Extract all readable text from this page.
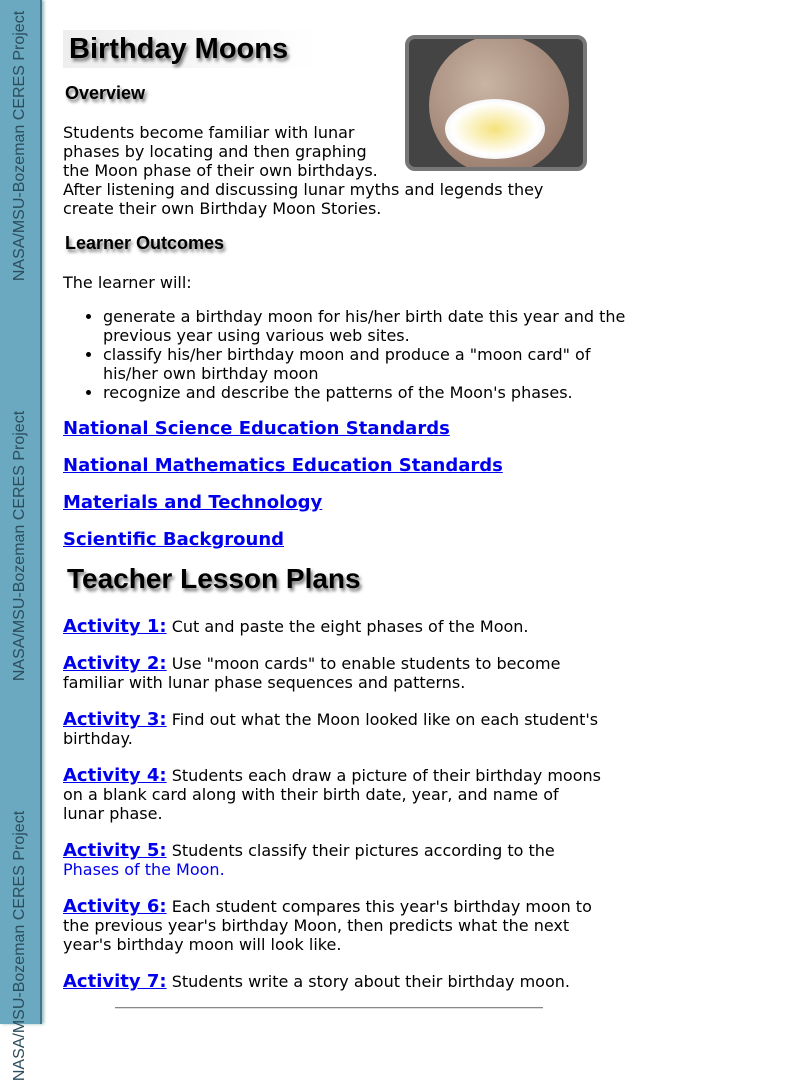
NASA/MSU-Bozeman CERES Project
NASA/MSU-Bozeman CERES Project
NASA/MSU-Bozeman CERES Project
Birthday Moons
Overview
Students become familiar with lunar phases by locating and then graphing the Moon phase of their own birthdays. After listening and discussing lunar myths and legends they create their own Birthday Moon Stories.
Learner Outcomes
The learner will:
• generate a birthday moon for his/her birth date this year and the previous year using various web sites.
• classify his/her birthday moon and produce a "moon card" of his/her own birthday moon
• recognize and describe the patterns of the Moon's phases.
National Science Education Standards
National Mathematics Education Standards
Materials and Technology
Scientific Background
Teacher Lesson Plans
Activity 1: Cut and paste the eight phases of the Moon.
Activity 2: Use "moon cards" to enable students to become familiar with lunar phase sequences and patterns.
Activity 3: Find out what the Moon looked like on each student's birthday.
Activity 4: Students each draw a picture of their birthday moons on a blank card along with their birth date, year, and name of lunar phase.
Activity 5: Students classify their pictures according to the
Phases of the Moon.
Activity 6: Each student compares this year's birthday moon to the previous year's birthday Moon, then predicts what the next year's birthday moon will look like.
Activity 7: Students write a story about their birthday moon.
